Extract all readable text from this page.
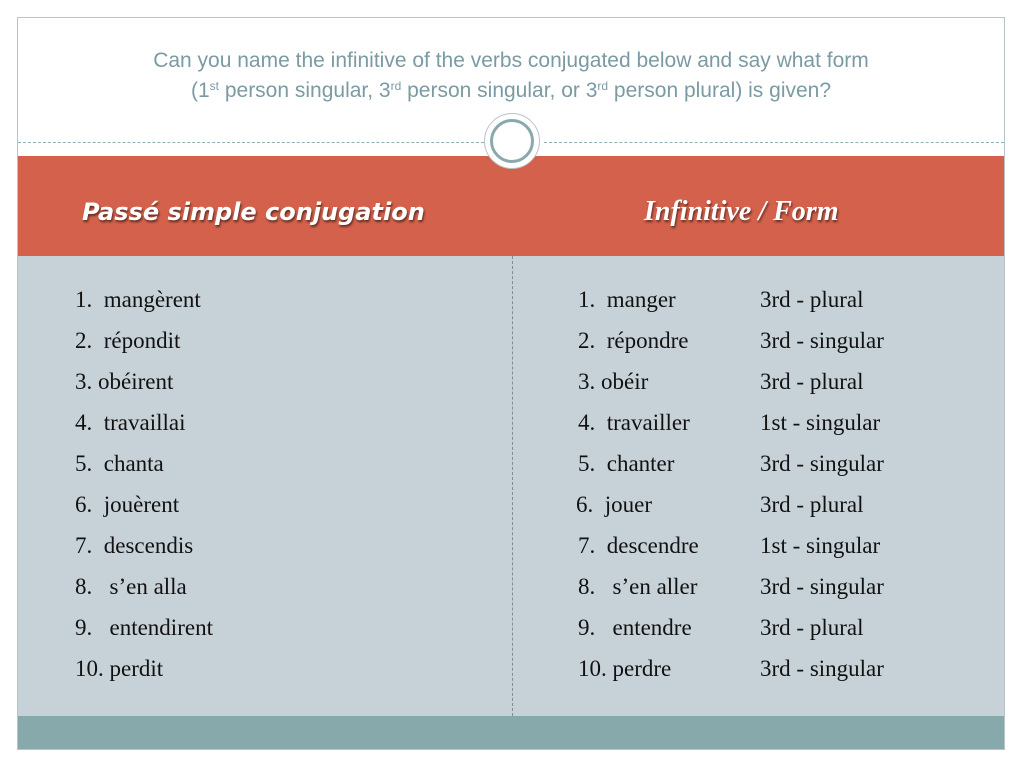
Can you name the infinitive of the verbs conjugated below and say what form
(1st person singular, 3rd person singular, or 3rd person plural) is given?
Passé simple conjugation	Infinitive / Form
1.  mangèrent
2.  répondit
3. obéirent
4.  travaillai
5.  chanta
6.  jouèrent
7.  descendis
8.   s’en alla
9.   entendirent
10. perdit
1.  manger
2.  répondre
3. obéir
4.  travailler
5.  chanter
6.  jouer
7.  descendre
8.   s’en aller
9.   entendre
10. perdre
3rd - plural
3rd - singular
3rd - plural
1st - singular
3rd - singular
3rd - plural
1st - singular
3rd - singular
3rd - plural
3rd - singular
